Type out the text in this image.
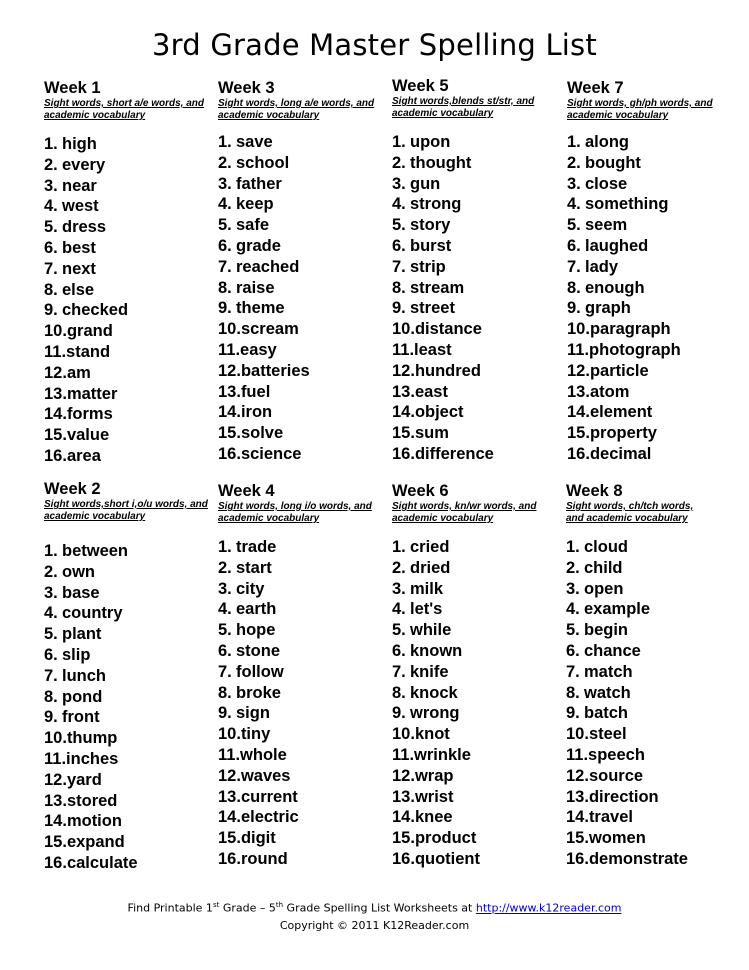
3rd Grade Master Spelling List
Week 1
Sight words, short a/e words, and academic vocabulary
1. high
2. every
3. near
4. west
5. dress
6. best
7. next
8. else
9. checked
10.grand
11.stand
12.am
13.matter
14.forms
15.value
16.area
Week 3
Sight words, long a/e words, and academic vocabulary
1. save
2. school
3. father
4. keep
5. safe
6. grade
7. reached
8. raise
9. theme
10.scream
11.easy
12.batteries
13.fuel
14.iron
15.solve
16.science
Week 5
Sight words,blends st/str, and academic vocabulary
1. upon
2. thought
3. gun
4. strong
5. story
6. burst
7. strip
8. stream
9. street
10.distance
11.least
12.hundred
13.east
14.object
15.sum
16.difference
Week 7
Sight words, gh/ph words, and academic vocabulary
1. along
2. bought
3. close
4. something
5. seem
6. laughed
7. lady
8. enough
9. graph
10.paragraph
11.photograph
12.particle
13.atom
14.element
15.property
16.decimal
Week 2
Sight words,short i,o/u words, and academic vocabulary
1. between
2. own
3. base
4. country
5. plant
6. slip
7. lunch
8. pond
9. front
10.thump
11.inches
12.yard
13.stored
14.motion
15.expand
16.calculate
Week 4
Sight words, long i/o words, and academic vocabulary
1. trade
2. start
3. city
4. earth
5. hope
6. stone
7. follow
8. broke
9. sign
10.tiny
11.whole
12.waves
13.current
14.electric
15.digit
16.round
Week 6
Sight words, kn/wr words, and academic vocabulary
1. cried
2. dried
3. milk
4. let's
5. while
6. known
7. knife
8. knock
9. wrong
10.knot
11.wrinkle
12.wrap
13.wrist
14.knee
15.product
16.quotient
Week 8
Sight words, ch/tch words, and academic vocabulary
1. cloud
2. child
3. open
4. example
5. begin
6. chance
7. match
8. watch
9. batch
10.steel
11.speech
12.source
13.direction
14.travel
15.women
16.demonstrate
Find Printable 1st Grade – 5th Grade Spelling List Worksheets at http://www.k12reader.com
Copyright © 2011 K12Reader.com
